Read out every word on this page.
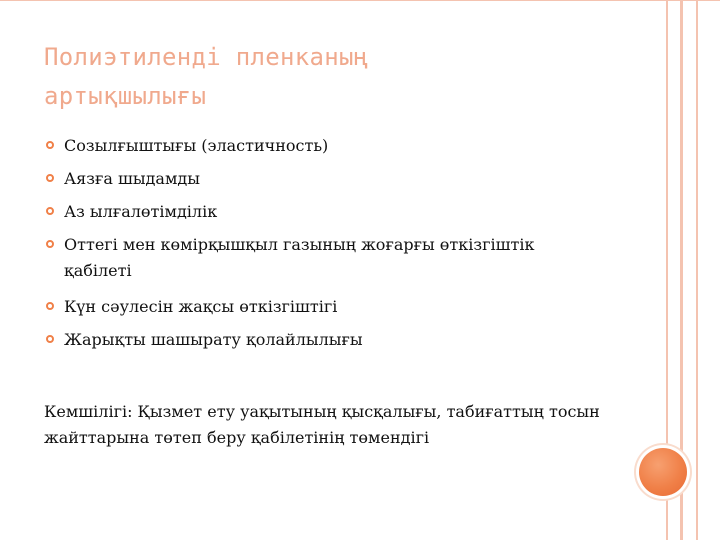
Полиэтиленді пленканың
артықшылығы
Созылғыштығы (эластичность)
Аязға шыдамды
Аз ылғалөтімділік
Оттегі мен көмірқышқыл газының жоғарғы өткізгіштік қабілеті
Күн сәулесін жақсы өткізгіштігі
Жарықты шашырату қолайлылығы
Кемшілігі: Қызмет ету уақытының қысқалығы, табиғаттың тосын жайттарына төтеп беру қабілетінің төмендігі
